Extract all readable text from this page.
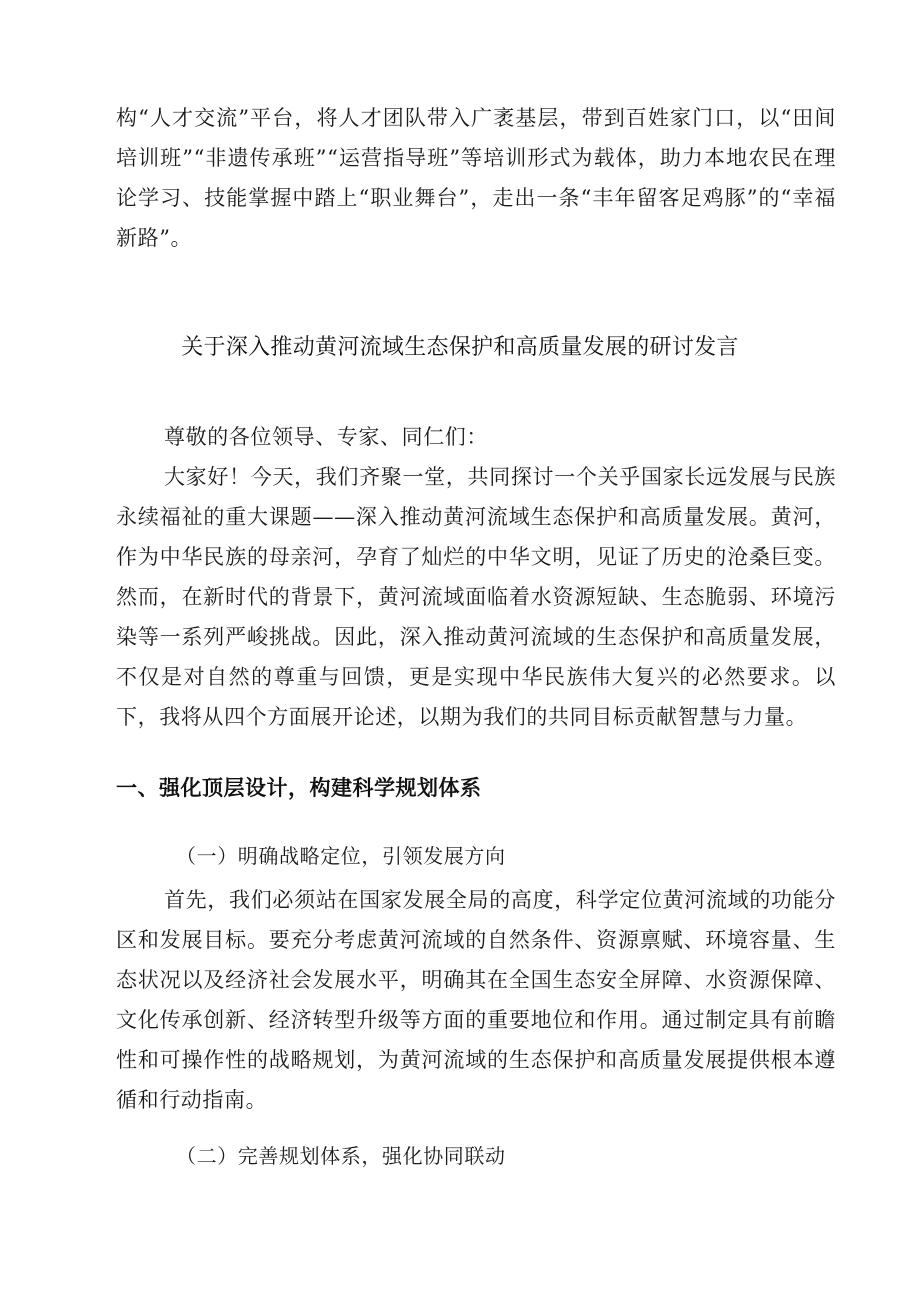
构“人才交流”平台，将人才团队带入广袤基层，带到百姓家门口，以“田间培训班”“非遗传承班”“运营指导班”等培训形式为载体，助力本地农民在理论学习、技能掌握中踏上“职业舞台”，走出一条“丰年留客足鸡豚”的“幸福新路”。

关于深入推动黄河流域生态保护和高质量发展的研讨发言

尊敬的各位领导、专家、同仁们：

大家好！今天，我们齐聚一堂，共同探讨一个关乎国家长远发展与民族永续福祉的重大课题——深入推动黄河流域生态保护和高质量发展。黄河，作为中华民族的母亲河，孕育了灿烂的中华文明，见证了历史的沧桑巨变。然而，在新时代的背景下，黄河流域面临着水资源短缺、生态脆弱、环境污染等一系列严峻挑战。因此，深入推动黄河流域的生态保护和高质量发展，不仅是对自然的尊重与回馈，更是实现中华民族伟大复兴的必然要求。以下，我将从四个方面展开论述，以期为我们的共同目标贡献智慧与力量。

一、强化顶层设计，构建科学规划体系

（一）明确战略定位，引领发展方向

首先，我们必须站在国家发展全局的高度，科学定位黄河流域的功能分区和发展目标。要充分考虑黄河流域的自然条件、资源禀赋、环境容量、生态状况以及经济社会发展水平，明确其在全国生态安全屏障、水资源保障、文化传承创新、经济转型升级等方面的重要地位和作用。通过制定具有前瞻性和可操作性的战略规划，为黄河流域的生态保护和高质量发展提供根本遵循和行动指南。

（二）完善规划体系，强化协同联动
